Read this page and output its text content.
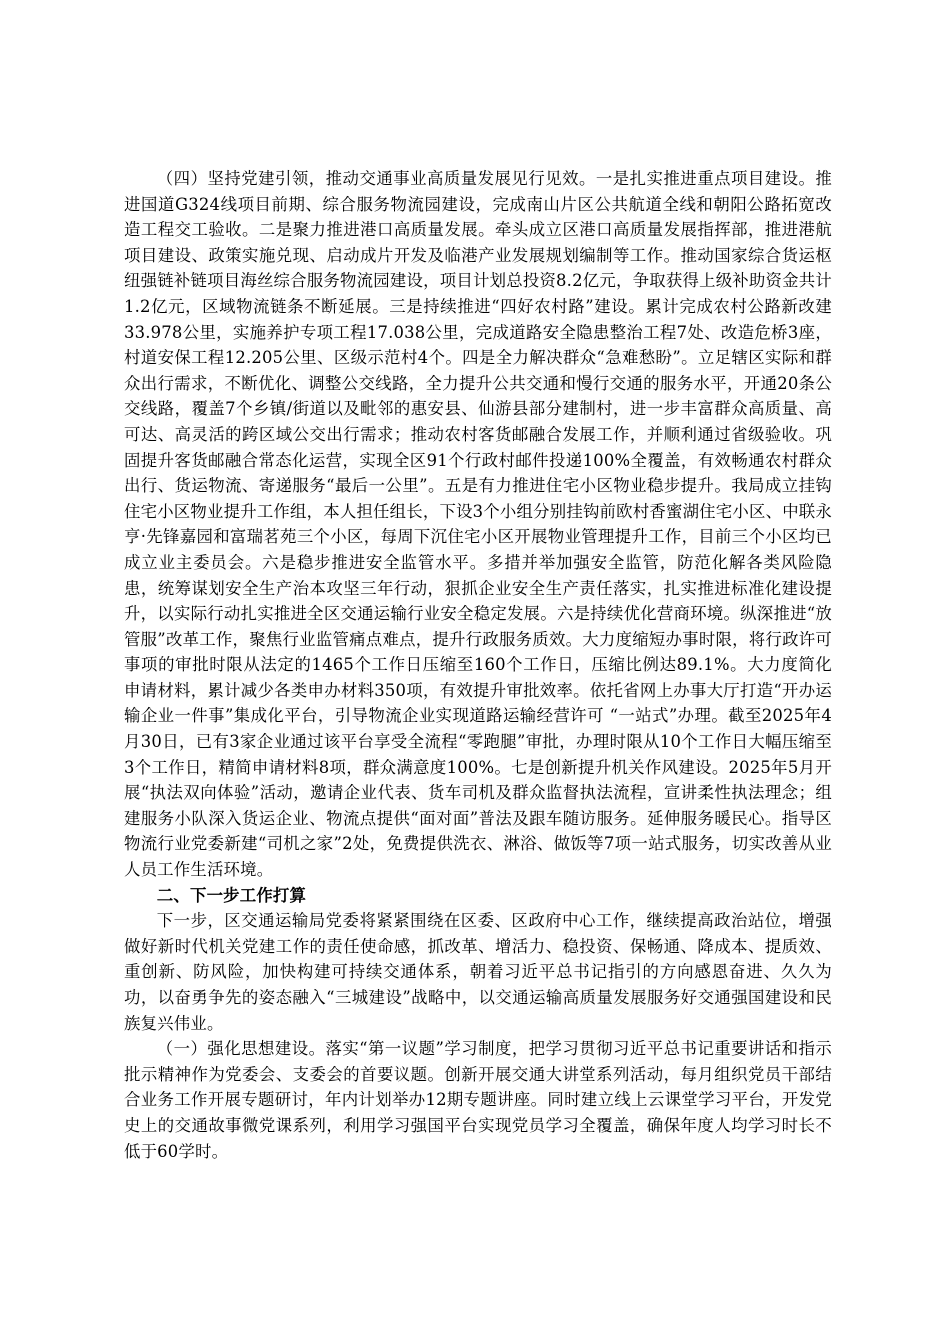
（四）坚持党建引领，推动交通事业高质量发展见行见效。一是扎实推进重点项目建设。推进国道G324线项目前期、综合服务物流园建设，完成南山片区公共航道全线和朝阳公路拓宽改造工程交工验收。二是聚力推进港口高质量发展。牵头成立区港口高质量发展指挥部，推进港航项目建设、政策实施兑现、启动成片开发及临港产业发展规划编制等工作。推动国家综合货运枢纽强链补链项目海丝综合服务物流园建设，项目计划总投资8.2亿元，争取获得上级补助资金共计1.2亿元，区域物流链条不断延展。三是持续推进“四好农村路”建设。累计完成农村公路新改建33.978公里，实施养护专项工程17.038公里，完成道路安全隐患整治工程7处、改造危桥3座，村道安保工程12.205公里、区级示范村4个。四是全力解决群众“急难愁盼”。立足辖区实际和群众出行需求，不断优化、调整公交线路，全力提升公共交通和慢行交通的服务水平，开通20条公交线路，覆盖7个乡镇/街道以及毗邻的惠安县、仙游县部分建制村，进一步丰富群众高质量、高可达、高灵活的跨区域公交出行需求；推动农村客货邮融合发展工作，并顺利通过省级验收。巩固提升客货邮融合常态化运营，实现全区91个行政村邮件投递100%全覆盖，有效畅通农村群众出行、货运物流、寄递服务“最后一公里”。五是有力推进住宅小区物业稳步提升。我局成立挂钩住宅小区物业提升工作组，本人担任组长，下设3个小组分别挂钩前欧村香蜜湖住宅小区、中联永亨·先锋嘉园和富瑞茗苑三个小区，每周下沉住宅小区开展物业管理提升工作，目前三个小区均已成立业主委员会。六是稳步推进安全监管水平。多措并举加强安全监管，防范化解各类风险隐患，统筹谋划安全生产治本攻坚三年行动，狠抓企业安全生产责任落实，扎实推进标准化建设提升，以实际行动扎实推进全区交通运输行业安全稳定发展。六是持续优化营商环境。纵深推进“放管服”改革工作，聚焦行业监管痛点难点，提升行政服务质效。大力度缩短办事时限，将行政许可事项的审批时限从法定的1465个工作日压缩至160个工作日，压缩比例达89.1%。大力度简化申请材料，累计减少各类申办材料350项，有效提升审批效率。依托省网上办事大厅打造“开办运输企业一件事”集成化平台，引导物流企业实现道路运输经营许可 “一站式”办理。截至2025年4月30日，已有3家企业通过该平台享受全流程“零跑腿”审批，办理时限从10个工作日大幅压缩至3个工作日，精简申请材料8项，群众满意度100%。七是创新提升机关作风建设。2025年5月开展“执法双向体验”活动，邀请企业代表、货车司机及群众监督执法流程，宣讲柔性执法理念；组建服务小队深入货运企业、物流点提供“面对面”普法及跟车随访服务。延伸服务暖民心。指导区物流行业党委新建“司机之家”2处，免费提供洗衣、淋浴、做饭等7项一站式服务，切实改善从业人员工作生活环境。

二、下一步工作打算

下一步，区交通运输局党委将紧紧围绕在区委、区政府中心工作，继续提高政治站位，增强做好新时代机关党建工作的责任使命感，抓改革、增活力、稳投资、保畅通、降成本、提质效、重创新、防风险，加快构建可持续交通体系，朝着习近平总书记指引的方向感恩奋进、久久为功，以奋勇争先的姿态融入“三城建设”战略中，以交通运输高质量发展服务好交通强国建设和民族复兴伟业。

（一）强化思想建设。落实“第一议题”学习制度，把学习贯彻习近平总书记重要讲话和指示批示精神作为党委会、支委会的首要议题。创新开展交通大讲堂系列活动，每月组织党员干部结合业务工作开展专题研讨，年内计划举办12期专题讲座。同时建立线上云课堂学习平台，开发党史上的交通故事微党课系列，利用学习强国平台实现党员学习全覆盖，确保年度人均学习时长不低于60学时。
